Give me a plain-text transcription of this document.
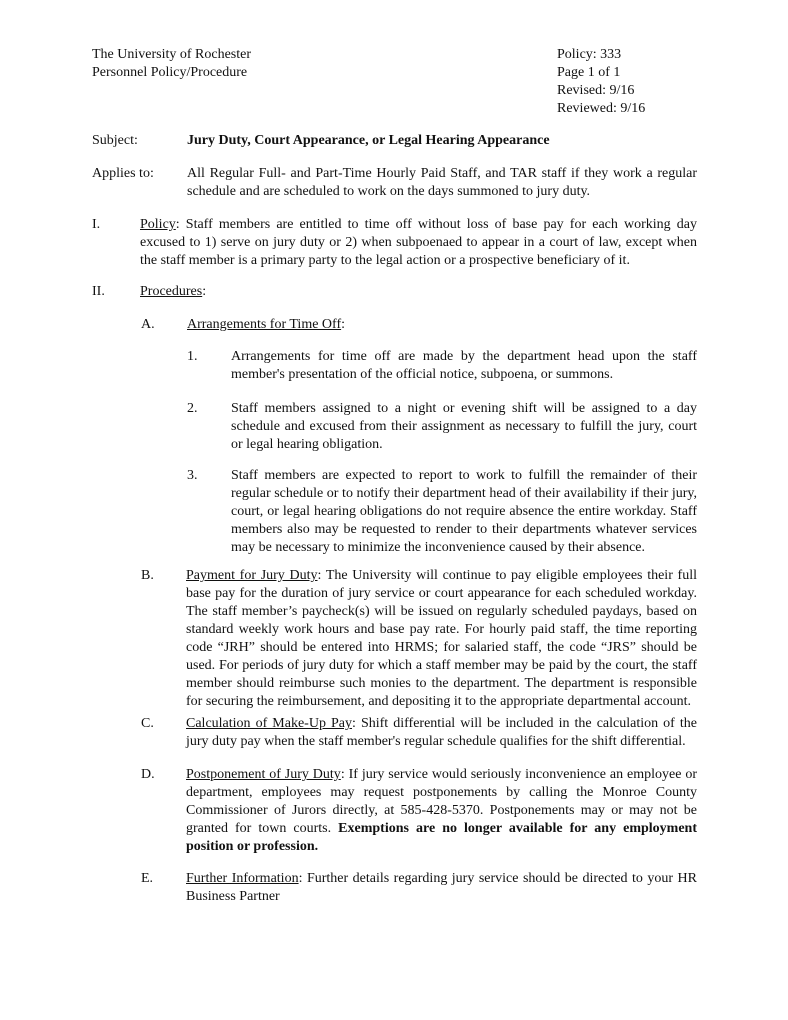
The University of Rochester
Personnel Policy/Procedure
Policy: 333
Page 1 of 1
Revised: 9/16
Reviewed: 9/16
Subject:	Jury Duty, Court Appearance, or Legal Hearing Appearance
Applies to: All Regular Full- and Part-Time Hourly Paid Staff, and TAR staff if they work a regular schedule and are scheduled to work on the days summoned to jury duty.
I.	Policy: Staff members are entitled to time off without loss of base pay for each working day excused to 1) serve on jury duty or 2) when subpoenaed to appear in a court of law, except when the staff member is a primary party to the legal action or a prospective beneficiary of it.
II.	Procedures:
A. Arrangements for Time Off:
1. Arrangements for time off are made by the department head upon the staff member's presentation of the official notice, subpoena, or summons.
2. Staff members assigned to a night or evening shift will be assigned to a day schedule and excused from their assignment as necessary to fulfill the jury, court or legal hearing obligation.
3. Staff members are expected to report to work to fulfill the remainder of their regular schedule or to notify their department head of their availability if their jury, court, or legal hearing obligations do not require absence the entire workday. Staff members also may be requested to render to their departments whatever services may be necessary to minimize the inconvenience caused by their absence.
B. Payment for Jury Duty: The University will continue to pay eligible employees their full base pay for the duration of jury service or court appearance for each scheduled workday. The staff member’s paycheck(s) will be issued on regularly scheduled paydays, based on standard weekly work hours and base pay rate. For hourly paid staff, the time reporting code “JRH” should be entered into HRMS; for salaried staff, the code “JRS” should be used. For periods of jury duty for which a staff member may be paid by the court, the staff member should reimburse such monies to the department. The department is responsible for securing the reimbursement, and depositing it to the appropriate departmental account.
C. Calculation of Make-Up Pay: Shift differential will be included in the calculation of the jury duty pay when the staff member's regular schedule qualifies for the shift differential.
D. Postponement of Jury Duty: If jury service would seriously inconvenience an employee or department, employees may request postponements by calling the Monroe County Commissioner of Jurors directly, at 585-428-5370. Postponements may or may not be granted for town courts. Exemptions are no longer available for any employment position or profession.
E. Further Information: Further details regarding jury service should be directed to your HR Business Partner
